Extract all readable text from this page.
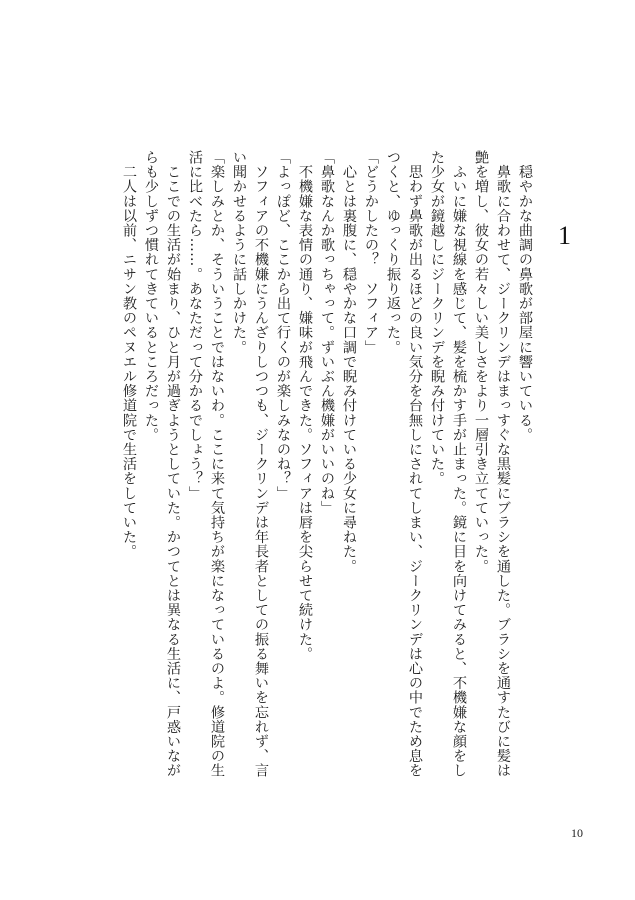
1
　穏やかな曲調の鼻歌が部屋に響いている。
　鼻歌に合わせて、ジークリンデはまっすぐな黒髪にブラシを通した。ブラシを通すたびに髪は
艶を増し、彼女の若々しい美しさをより一層引き立てていった。
　ふいに嫌な視線を感じて、髪を梳かす手が止まった。鏡に目を向けてみると、不機嫌な顔をし
た少女が鏡越しにジークリンデを睨み付けていた。
　思わず鼻歌が出るほどの良い気分を台無しにされてしまい、ジークリンデは心の中でため息を
つくと、ゆっくり振り返った。
「どうかしたの？　ソフィア」
　心とは裏腹に、穏やかな口調で睨み付けている少女に尋ねた。
「鼻歌なんか歌っちゃって。ずいぶん機嫌がいいのね」
　不機嫌な表情の通り、嫌味が飛んできた。ソフィアは唇を尖らせて続けた。
「よっぽど、ここから出て行くのが楽しみなのね？」
　ソフィアの不機嫌にうんざりしつつも、ジークリンデは年長者としての振る舞いを忘れず、言
い聞かせるように話しかけた。
「楽しみとか、そういうことではないわ。ここに来て気持ちが楽になっているのよ。修道院の生
活に比べたら……。あなただって分かるでしょう？」
　ここでの生活が始まり、ひと月が過ぎようとしていた。かつてとは異なる生活に、戸惑いなが
らも少しずつ慣れてきているところだった。
　二人は以前、ニサン教のペヌエル修道院で生活をしていた。
10
